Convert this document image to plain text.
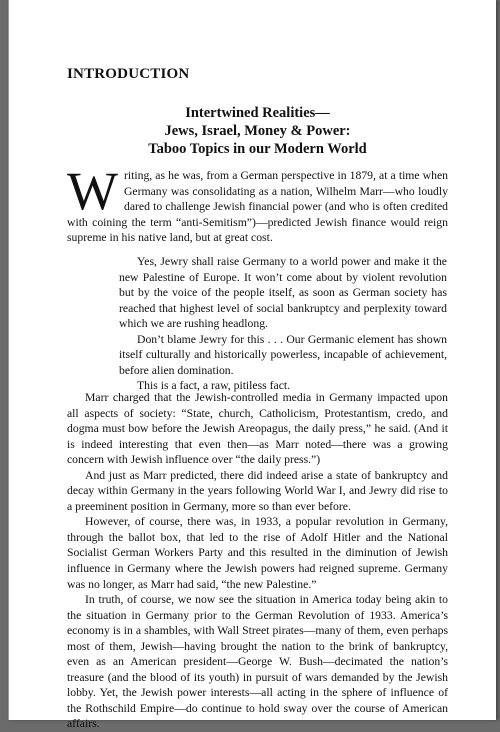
INTRODUCTION
Intertwined Realities—
Jews, Israel, Money & Power:
Taboo Topics in our Modern World

Writing, as he was, from a German perspective in 1879, at a time when Germany was consolidating as a nation, Wilhelm Marr—who loudly dared to challenge Jewish financial power (and who is often credited with coining the term “anti-Semitism”)—predicted Jewish finance would reign supreme in his native land, but at great cost.

Yes, Jewry shall raise Germany to a world power and make it the new Palestine of Europe. It won’t come about by violent revolution but by the voice of the people itself, as soon as German society has reached that highest level of social bankruptcy and perplexity toward which we are rushing headlong.

Don’t blame Jewry for this . . . Our Germanic element has shown itself culturally and historically powerless, incapable of achievement, before alien domination.

This is a fact, a raw, pitiless fact.

Marr charged that the Jewish-controlled media in Germany impacted upon all aspects of society: “State, church, Catholicism, Protestantism, credo, and dogma must bow before the Jewish Areopagus, the daily press,” he said. (And it is indeed interesting that even then—as Marr noted—there was a growing concern with Jewish influence over “the daily press.”)

And just as Marr predicted, there did indeed arise a state of bankruptcy and decay within Germany in the years following World War I, and Jewry did rise to a preeminent position in Germany, more so than ever before.

However, of course, there was, in 1933, a popular revolution in Germany, through the ballot box, that led to the rise of Adolf Hitler and the National Socialist German Workers Party and this resulted in the diminution of Jewish influence in Germany where the Jewish powers had reigned supreme. Germany was no longer, as Marr had said, “the new Palestine.”

In truth, of course, we now see the situation in America today being akin to the situation in Germany prior to the German Revolution of 1933. America’s economy is in a shambles, with Wall Street pirates—many of them, even perhaps most of them, Jewish—having brought the nation to the brink of bankruptcy, even as an American president—George W. Bush—decimated the nation’s treasure (and the blood of its youth) in pursuit of wars demanded by the Jewish lobby. Yet, the Jewish power interests—all acting in the sphere of influence of the Rothschild Empire—do continue to hold sway over the course of American affairs.
